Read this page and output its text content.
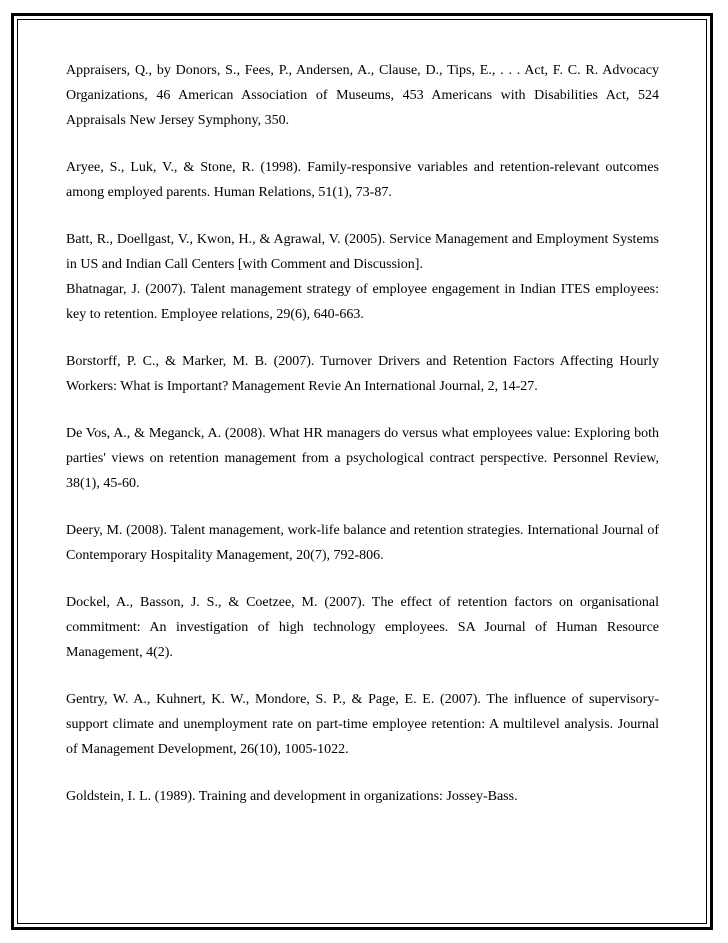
Appraisers, Q., by Donors, S., Fees, P., Andersen, A., Clause, D., Tips, E., . . . Act, F. C. R. Advocacy Organizations, 46 American Association of Museums, 453 Americans with Disabilities Act, 524 Appraisals New Jersey Symphony, 350.

Aryee, S., Luk, V., & Stone, R. (1998). Family-responsive variables and retention-relevant outcomes among employed parents. Human Relations, 51(1), 73-87.

Batt, R., Doellgast, V., Kwon, H., & Agrawal, V. (2005). Service Management and Employment Systems in US and Indian Call Centers [with Comment and Discussion].

Bhatnagar, J. (2007). Talent management strategy of employee engagement in Indian ITES employees: key to retention. Employee relations, 29(6), 640-663.

Borstorff, P. C., & Marker, M. B. (2007). Turnover Drivers and Retention Factors Affecting Hourly Workers: What is Important? Management Revie An International Journal, 2, 14-27.

De Vos, A., & Meganck, A. (2008). What HR managers do versus what employees value: Exploring both parties' views on retention management from a psychological contract perspective. Personnel Review, 38(1), 45-60.

Deery, M. (2008). Talent management, work-life balance and retention strategies. International Journal of Contemporary Hospitality Management, 20(7), 792-806.

Dockel, A., Basson, J. S., & Coetzee, M. (2007). The effect of retention factors on organisational commitment: An investigation of high technology employees. SA Journal of Human Resource Management, 4(2).

Gentry, W. A., Kuhnert, K. W., Mondore, S. P., & Page, E. E. (2007). The influence of supervisory-support climate and unemployment rate on part-time employee retention: A multilevel analysis. Journal of Management Development, 26(10), 1005-1022.

Goldstein, I. L. (1989). Training and development in organizations: Jossey-Bass.
